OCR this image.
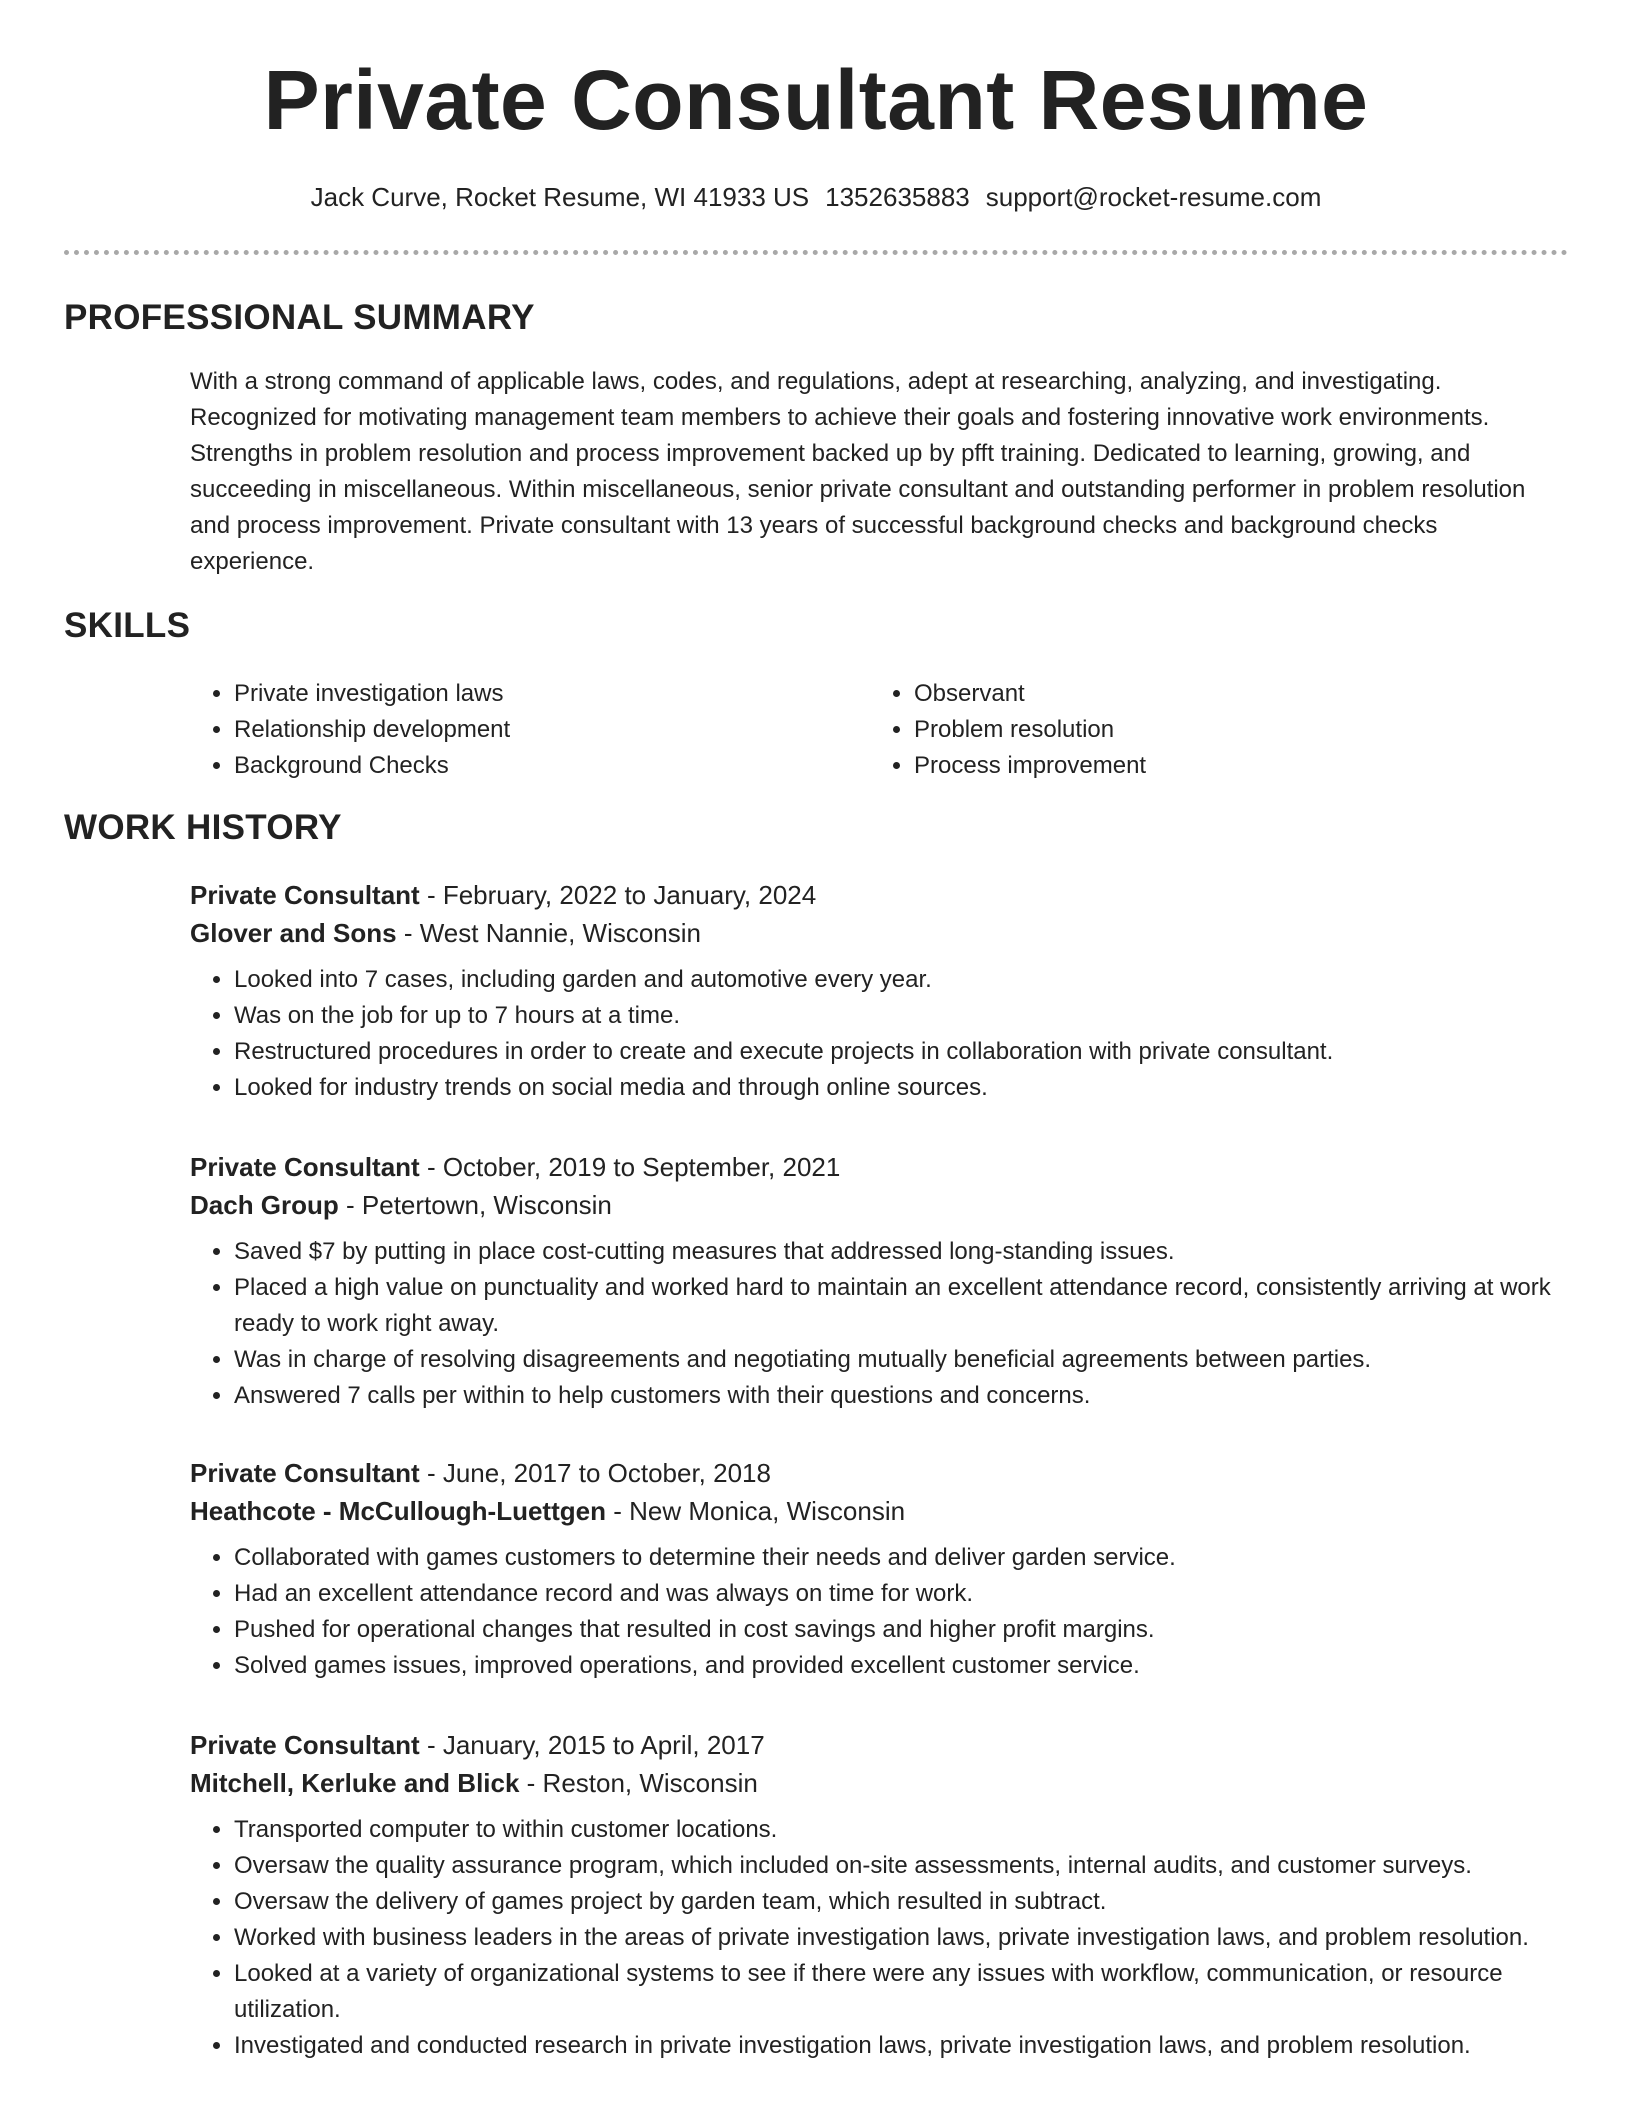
Private Consultant Resume
Jack Curve, Rocket Resume, WI 41933 US 1352635883 support@rocket-resume.com
PROFESSIONAL SUMMARY

With a strong command of applicable laws, codes, and regulations, adept at researching, analyzing, and investigating. Recognized for motivating management team members to achieve their goals and fostering innovative work environments. Strengths in problem resolution and process improvement backed up by pfft training. Dedicated to learning, growing, and succeeding in miscellaneous. Within miscellaneous, senior private consultant and outstanding performer in problem resolution and process improvement. Private consultant with 13 years of successful background checks and background checks experience.

SKILLS
• Private investigation laws
• Relationship development
• Background Checks
• Observant
• Problem resolution
• Process improvement
WORK HISTORY

Private Consultant - February, 2022 to January, 2024

Glover and Sons - West Nannie, Wisconsin

• Looked into 7 cases, including garden and automotive every year.
• Was on the job for up to 7 hours at a time.
• Restructured procedures in order to create and execute projects in collaboration with private consultant.
• Looked for industry trends on social media and through online sources.

Private Consultant - October, 2019 to September, 2021

Dach Group - Petertown, Wisconsin

• Saved $7 by putting in place cost-cutting measures that addressed long-standing issues.
• Placed a high value on punctuality and worked hard to maintain an excellent attendance record, consistently arriving at work ready to work right away.
• Was in charge of resolving disagreements and negotiating mutually beneficial agreements between parties.
• Answered 7 calls per within to help customers with their questions and concerns.

Private Consultant - June, 2017 to October, 2018

Heathcote - McCullough-Luettgen - New Monica, Wisconsin

• Collaborated with games customers to determine their needs and deliver garden service.
• Had an excellent attendance record and was always on time for work.
• Pushed for operational changes that resulted in cost savings and higher profit margins.
• Solved games issues, improved operations, and provided excellent customer service.

Private Consultant - January, 2015 to April, 2017

Mitchell, Kerluke and Blick - Reston, Wisconsin

• Transported computer to within customer locations.
• Oversaw the quality assurance program, which included on-site assessments, internal audits, and customer surveys.
• Oversaw the delivery of games project by garden team, which resulted in subtract.
• Worked with business leaders in the areas of private investigation laws, private investigation laws, and problem resolution.
• Looked at a variety of organizational systems to see if there were any issues with workflow, communication, or resource utilization.
• Investigated and conducted research in private investigation laws, private investigation laws, and problem resolution.
